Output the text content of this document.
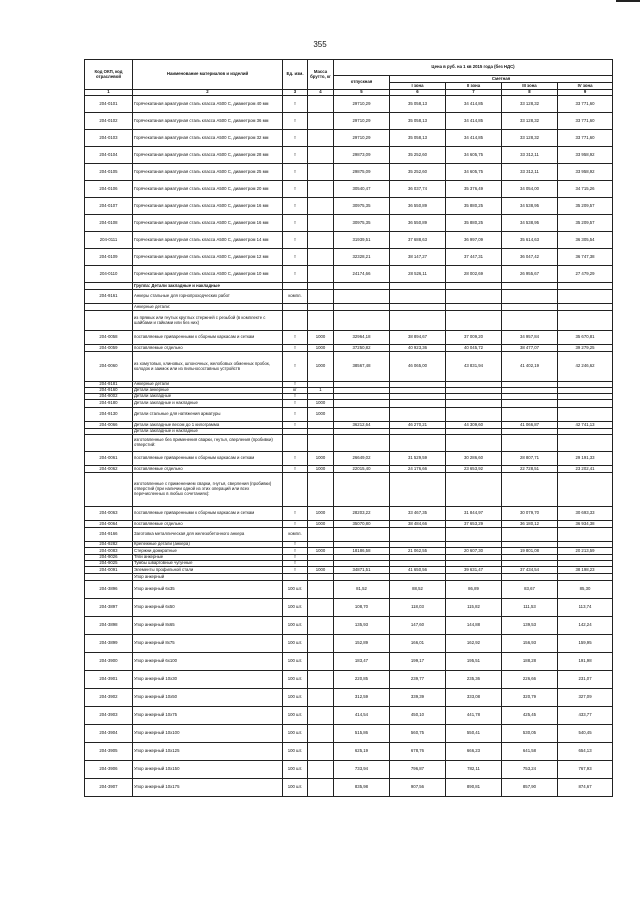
355
Код ОКП, код отраслевой	Наименование материалов и изделий	Ед. изм.	Масса брутто, кг	Цена в руб. на 1 кв 2015 года (без НДС)				
				отпускная	Сметная			
					I зона	II зона	III зона	IV зона
1	2	3	4	5	6	7	8	9
204-0101	Горячекатаная арматурная сталь класса А500 С, диаметром 40 мм	т		29710,29	35 058,13	34 414,85	33 128,32	33 771,60
204-0102	Горячекатаная арматурная сталь класса А500 С, диаметром 36 мм	т		29710,29	35 058,13	34 414,85	33 128,32	33 771,60
204-0103	Горячекатаная арматурная сталь класса А500 С, диаметром 32 мм	т		29710,29	35 058,13	34 414,85	33 128,32	33 771,60
204-0104	Горячекатаная арматурная сталь класса А500 С, диаметром 28 мм	т		29873,09	35 252,60	34 605,75	33 312,11	33 958,92
204-0105	Горячекатаная арматурная сталь класса А500 С, диаметром 25 мм	т		29875,09	35 252,60	34 605,75	33 312,11	33 958,92
204-0106	Горячекатаная арматурная сталь класса А500 С, диаметром 20 мм	т		30540,47	36 037,74	35 376,49	34 054,00	34 715,26
204-0107	Горячекатаная арматурная сталь класса А500 С, диаметром 16 мм	т		30975,35	36 550,89	35 880,25	34 538,95	35 209,57
204-0108	Горячекатаная арматурная сталь класса А500 С, диаметром 16 мм	т		30975,35	36 550,89	35 880,25	34 538,95	35 209,57
204-0111	Горячекатаная арматурная сталь класса А500 С, диаметром 14 мм	т		31939,51	37 688,63	36 997,09	35 614,63	36 305,54
204-0109	Горячекатаная арматурная сталь класса А500 С, диаметром 12 мм	т		32328,21	38 147,27	37 447,31	36 047,42	36 747,38
204-0110	Горячекатаная арматурная сталь класса А500 С, диаметром 10 мм	т		24174,66	28 526,11	28 002,69	26 955,67	27 479,29
	Группа: Детали закладные и накладные							
204-9161	Анкеры стальные для горнопроходческих работ	компл.						
	Анкерные детали:							
	из прямых или гнутых круглых стержней с резьбой (в комплекте с шайбами и гайками или без них)							
204-0058	поставляемые приваренными к сборным каркасам и сеткам	т	1000	32964,18	38 894,67	37 009,20	34 957,84	35 670,81
204-0059	поставляемые отдельно	т	1000	37250,82	40 923,36	40 045,72	38 477,07	39 279,25
204-0060	из хомутовых, клиновых, шпоночных, желобовых обменных пробок, колодок и заимок или из пильносоставных устройств	т	1000	38567,48	46 065,00	43 831,94	41 402,19	42 246,62
204-9181	Анкерные детали	т						
204-9160	Детали анкерные	кг	1					
204-9002	Детали закладные	т						
204-9180	Детали закладные и накладные	т	1000					
204-9130	Детали стальные для натяжения арматуры	т	1000					
204-0066	Детали закладные весом до 1 килограмма	т		36212,64	46 270,21	44 309,60	41 066,87	42 741,13
	Детали закладные и накладные							
	изготовленные без применения сварки, гнутья, сверления (пробивки) отверстий:							
204-0061	поставляемые приваренными к сборным каркасам и сеткам	т	1000	26649,02	31 529,59	30 286,60	28 807,71	29 191,33
204-0062	поставляемые отдельно	т	1000	22015,40	24 176,66	23 653,92	22 728,51	23 202,41
	изготовленные с применением сварки, гнутья, сверления (пробивки) отверстий (при наличии одной из этих операций или всех перечисленных в любых сочетаниях):							
204-0063	поставляемые приваренными к сборным каркасам и сеткам	т	1000	28203,22	33 467,35	31 844,97	30 079,70	30 693,33
204-0064	поставляемые отдельно	т	1000	35070,80	38 484,66	37 653,29	36 180,12	36 934,38
204-9166	Заготовка металлическая для железобетонного анкера	компл.						
204-9282	Крепежные детали (анкера)	т						
204-0083	Стержни домкратные	т	1000	18186,58	21 062,55	20 607,30	19 801,08	20 213,59
204-9026	Тяги анкерные	т						
204-9025	Тумбы швартовные чугунные	т						
204-0091	Элементы профильной стали	т	1000	34871,51	41 650,56	39 631,47	37 434,54	38 198,23
	Упор анкерный							
204-3896	Упор анкерный 6х35	100 шт.		81,52	88,52	86,89	83,67	85,30
204-3897	Упор анкерный 6х50	100 шт.		108,70	118,03	115,82	111,53	113,74
204-3898	Упор анкерный 8х65	100 шт.		135,93	147,60	144,88	139,53	142,24
204-3899	Упор анкерный 8х75	100 шт.		152,89	166,01	162,92	156,93	159,95
204-3900	Упор анкерный 6х100	100 шт.		183,47	199,17	195,51	188,28	191,98
204-3901	Упор анкерный 10х30	100 шт.		220,85	239,77	235,36	226,66	231,07
204-3902	Упор анкерный 10х50	100 шт.		312,59	339,39	333,08	320,79	327,09
204-3903	Упор анкерный 10х75	100 шт.		414,54	450,10	441,78	425,45	433,77
204-3904	Упор анкерный 10х100	100 шт.		515,86	560,75	550,41	530,05	540,45
204-3905	Упор анкерный 10х125	100 шт.		625,19	678,76	666,23	641,58	654,13
204-3906	Упор анкерный 10х150	100 шт.		733,94	796,87	782,11	753,24	767,93
204-3907	Упор анкерный 10х175	100 шт.		835,98	907,56	890,81	857,90	874,67
